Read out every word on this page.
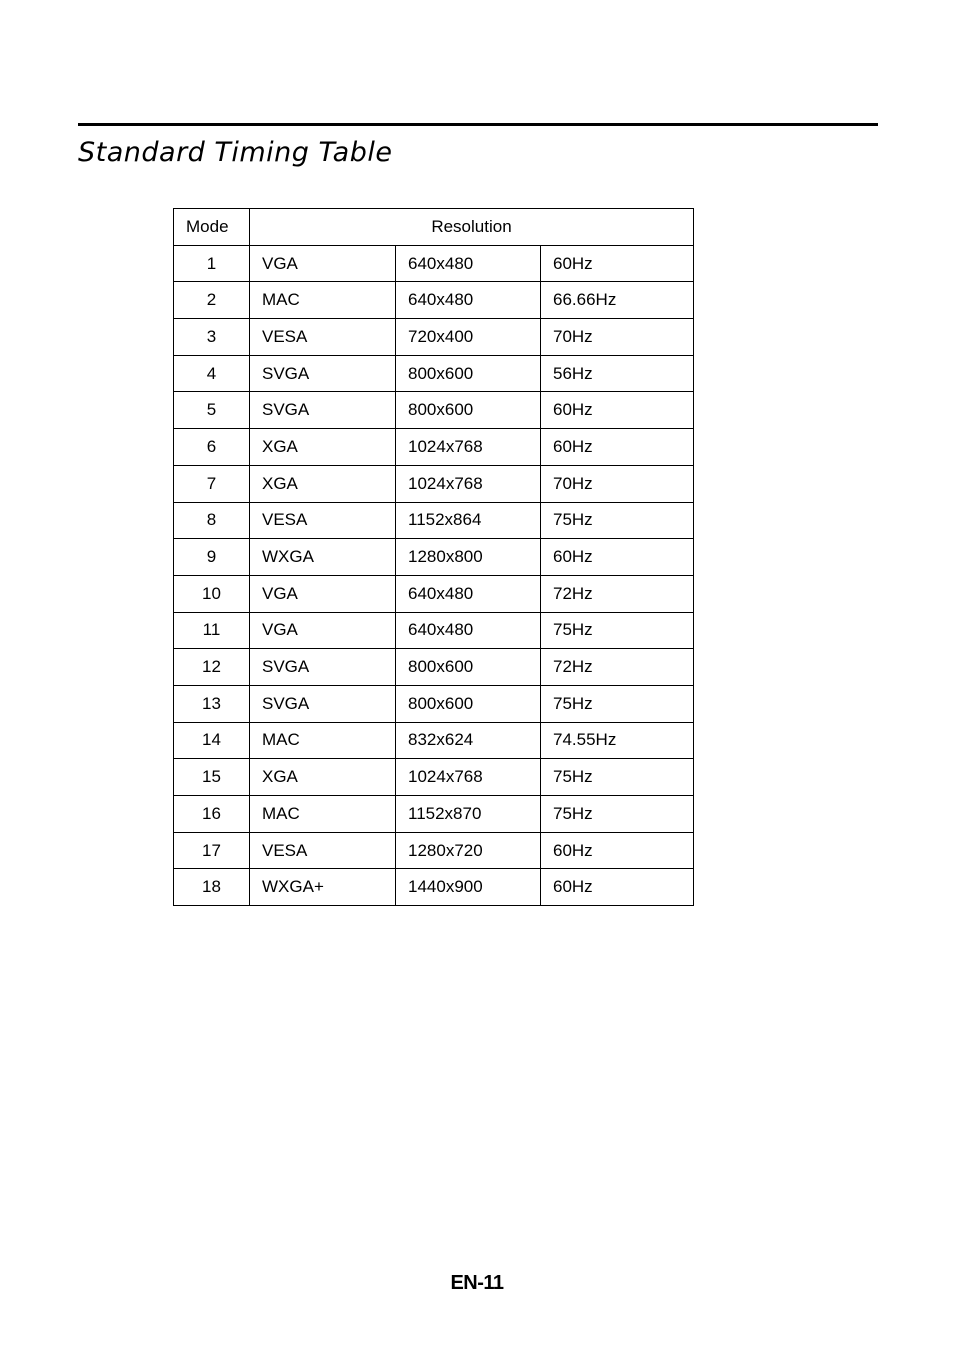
Standard Timing Table
Mode	Resolution		
1	VGA	640x480	60Hz
2	MAC	640x480	66.66Hz
3	VESA	720x400	70Hz
4	SVGA	800x600	56Hz
5	SVGA	800x600	60Hz
6	XGA	1024x768	60Hz
7	XGA	1024x768	70Hz
8	VESA	1152x864	75Hz
9	WXGA	1280x800	60Hz
10	VGA	640x480	72Hz
11	VGA	640x480	75Hz
12	SVGA	800x600	72Hz
13	SVGA	800x600	75Hz
14	MAC	832x624	74.55Hz
15	XGA	1024x768	75Hz
16	MAC	1152x870	75Hz
17	VESA	1280x720	60Hz
18	WXGA+	1440x900	60Hz
EN-11
